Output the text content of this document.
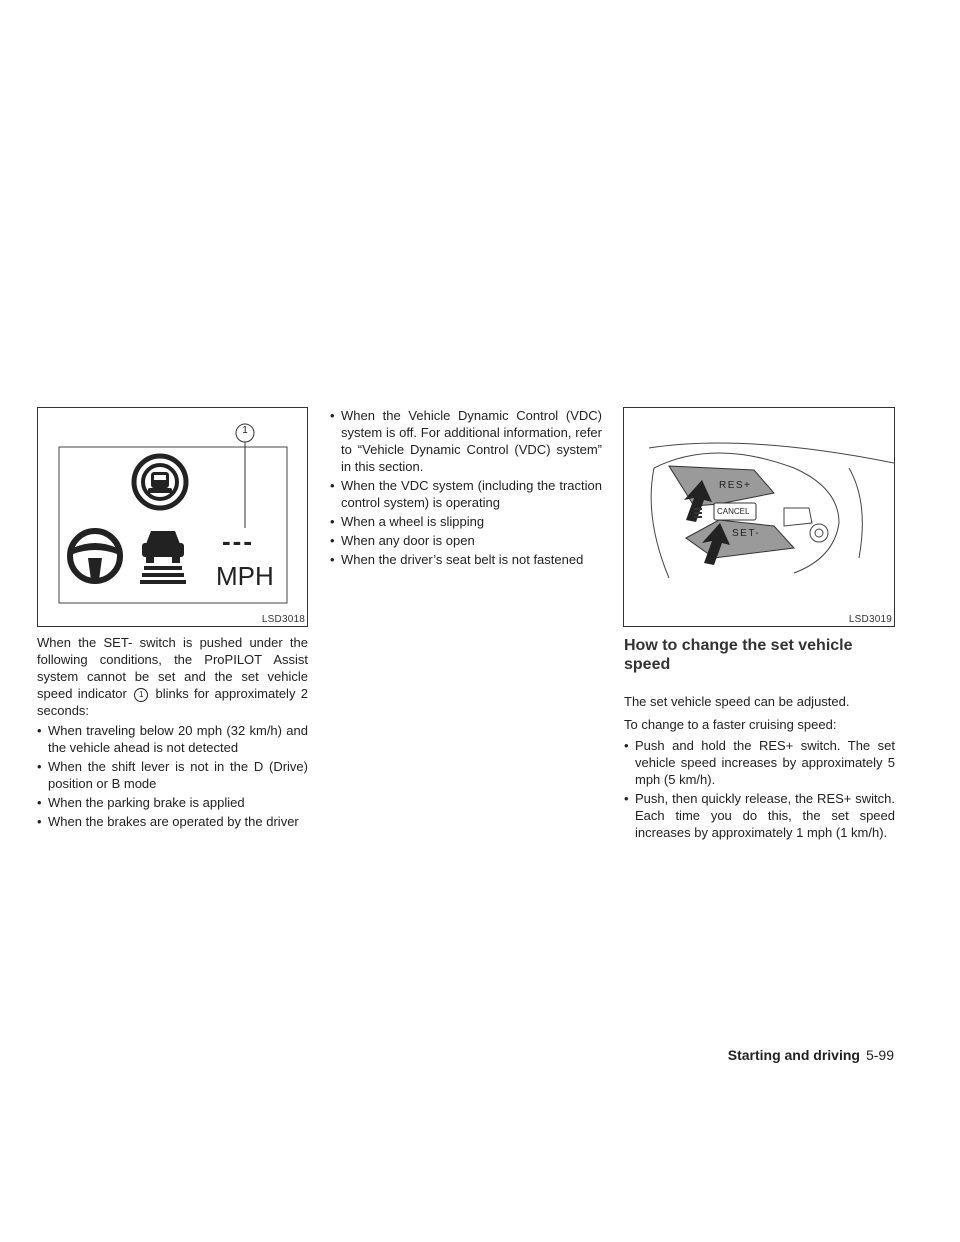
---
MPH
1
LSD3018
RES+
CANCEL
SET-
LSD3019

When the SET- switch is pushed under the following conditions, the ProPILOT Assist system cannot be set and the set vehicle speed indicator 1 blinks for approximately 2 seconds:

• When traveling below 20 mph (32 km/h) and the vehicle ahead is not detected
• When the shift lever is not in the D (Drive) position or B mode
• When the parking brake is applied
• When the brakes are operated by the driver
• When the Vehicle Dynamic Control (VDC) system is off. For additional information, refer to “Vehicle Dynamic Control (VDC) system” in this section.
• When the VDC system (including the traction control system) is operating
• When a wheel is slipping
• When any door is open
• When the driver’s seat belt is not fastened
How to change the set vehicle speed

The set vehicle speed can be adjusted.

To change to a faster cruising speed:

• Push and hold the RES+ switch. The set vehicle speed increases by approximately 5 mph (5 km/h).
• Push, then quickly release, the RES+ switch. Each time you do this, the set speed increases by approximately 1 mph (1 km/h).
Starting and driving 5-99
